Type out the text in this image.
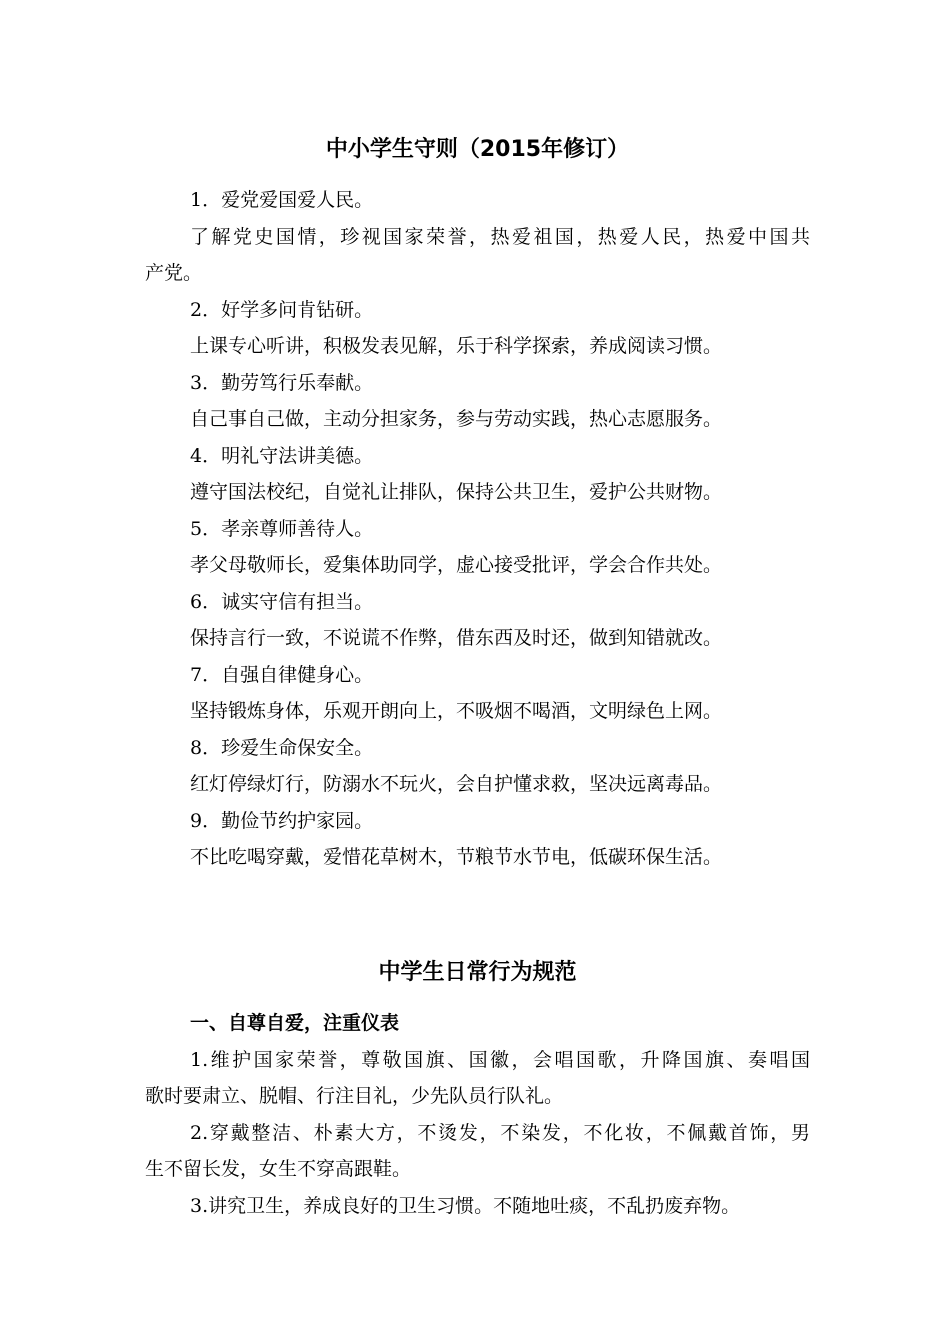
中小学生守则（2015年修订）
1．爱党爱国爱人民。
了解党史国情，珍视国家荣誉，热爱祖国，热爱人民，热爱中国共
产党。
2．好学多问肯钻研。
上课专心听讲，积极发表见解，乐于科学探索，养成阅读习惯。
3．勤劳笃行乐奉献。
自己事自己做，主动分担家务，参与劳动实践，热心志愿服务。
4．明礼守法讲美德。
遵守国法校纪，自觉礼让排队，保持公共卫生，爱护公共财物。
5．孝亲尊师善待人。
孝父母敬师长，爱集体助同学，虚心接受批评，学会合作共处。
6．诚实守信有担当。
保持言行一致，不说谎不作弊，借东西及时还，做到知错就改。
7．自强自律健身心。
坚持锻炼身体，乐观开朗向上，不吸烟不喝酒，文明绿色上网。
8．珍爱生命保安全。
红灯停绿灯行，防溺水不玩火，会自护懂求救，坚决远离毒品。
9．勤俭节约护家园。
不比吃喝穿戴，爱惜花草树木，节粮节水节电，低碳环保生活。
中学生日常行为规范
一、自尊自爱，注重仪表
1.维护国家荣誉，尊敬国旗、国徽，会唱国歌，升降国旗、奏唱国
歌时要肃立、脱帽、行注目礼，少先队员行队礼。
2.穿戴整洁、朴素大方，不烫发，不染发，不化妆，不佩戴首饰，男
生不留长发，女生不穿高跟鞋。
3.讲究卫生，养成良好的卫生习惯。不随地吐痰，不乱扔废弃物。
